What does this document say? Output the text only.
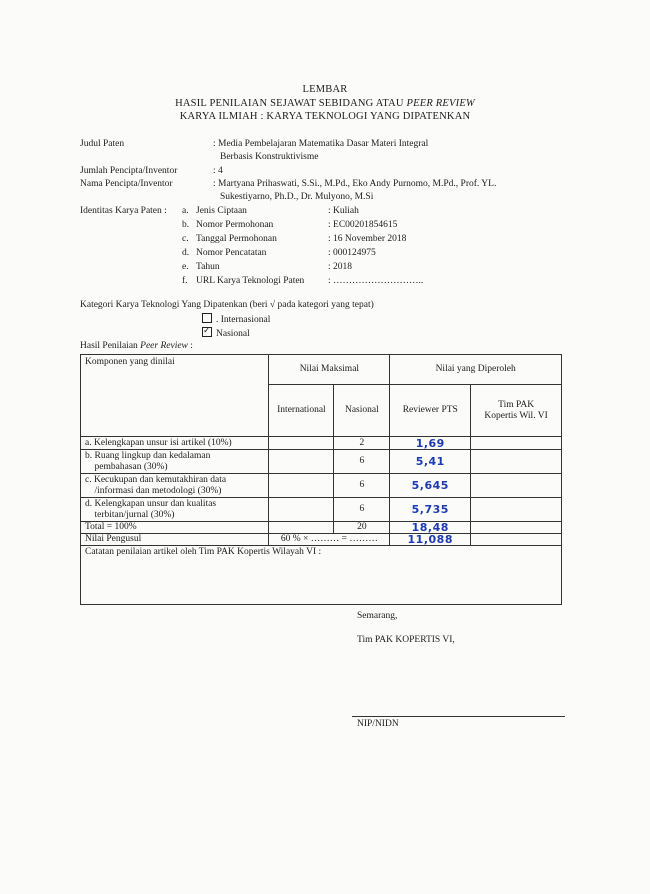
LEMBAR
HASIL PENILAIAN SEJAWAT SEBIDANG ATAU PEER REVIEW
KARYA ILMIAH : KARYA TEKNOLOGI YANG DIPATENKAN
Judul Paten	: Media Pembelajaran Matematika Dasar Materi Integral
Berbasis Konstruktivisme
Jumlah Pencipta/Inventor	: 4
Nama Pencipta/Inventor	: Martyana Prihaswati, S.Si., M.Pd., Eko Andy Purnomo, M.Pd., Prof. YL.
Sukestiyarno, Ph.D., Dr. Mulyono, M.Si
Identitas Karya Paten : a. Jenis Ciptaan	: Kuliah
b. Nomor Permohonan	: EC00201854615
c. Tanggal Permohonan	: 16 November 2018
d. Nomor Pencatatan	: 000124975
e. Tahun	: 2018
f. URL Karya Teknologi Paten : ………………………..
Kategori Karya Teknologi Yang Dipatenkan (beri √ pada kategori yang tepat)
. Internasional
✓Nasional
Hasil Penilaian Peer Review :
Komponen yang dinilai	Nilai Maksimal		Nilai yang Diperoleh	
	International	Nasional	Reviewer PTS	Tim PAK
Kopertis Wil. VI
a. Kelengkapan unsur isi artikel (10%)		2	1,69	
b. Ruang lingkup dan kedalaman
pembahasan (30%)		6	5,41	
c. Kecukupan dan kemutakhiran data
/informasi dan metodologi (30%)		6	5,645	
d. Kelengkapan unsur dan kualitas
terbitan/jurnal (30%)		6	5,735	
Total = 100%		20	18,48	
Nilai Pengusul	60 % × ……… = ………		11,088	
Catatan penilaian artikel oleh Tim PAK Kopertis Wilayah VI :				
Semarang,
Tim PAK KOPERTIS VI,
NIP/NIDN
